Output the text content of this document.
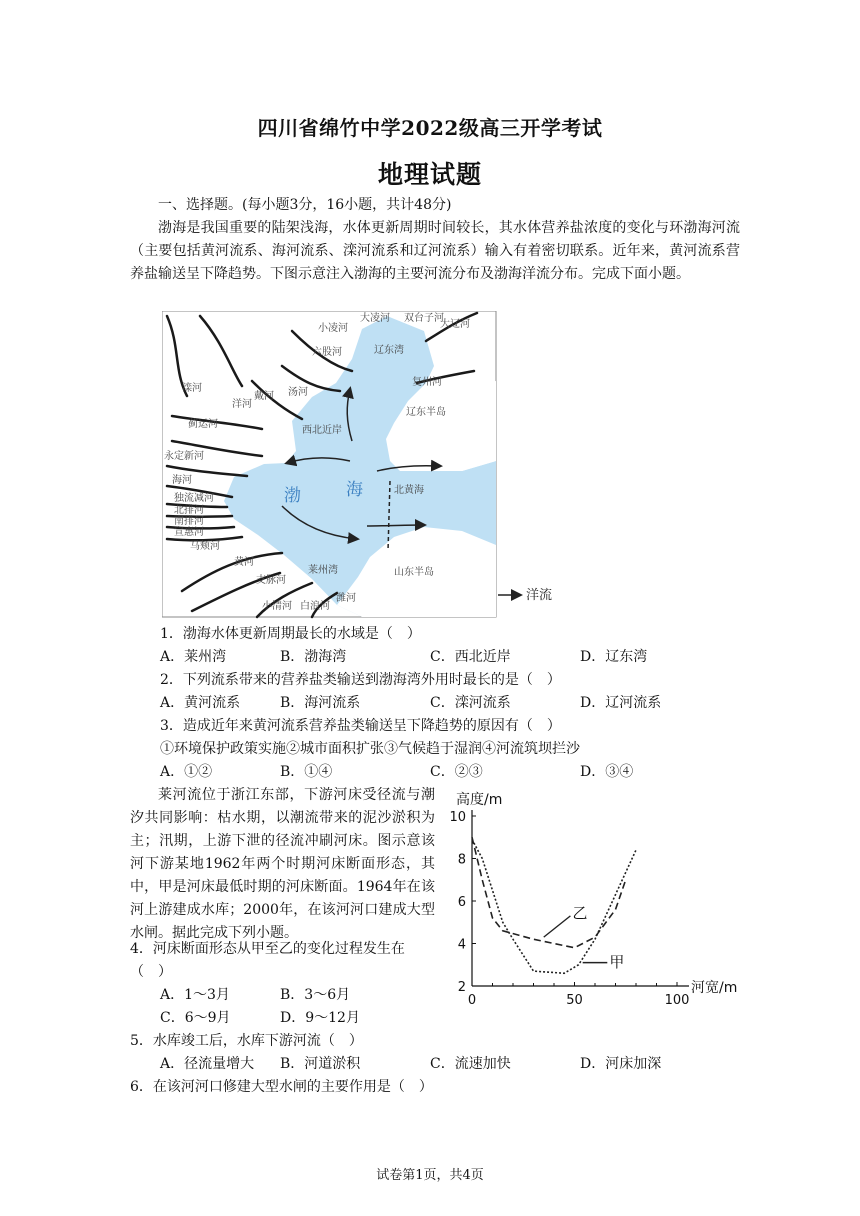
四川省绵竹中学2022级高三开学考试
地理试题
一、选择题。(每小题3分，16小题，共计48分)
渤海是我国重要的陆架浅海，水体更新周期时间较长，其水体营养盐浓度的变化与环渤海河流（主要包括黄河流系、海河流系、滦河流系和辽河流系）输入有着密切联系。近年来，黄河流系营养盐输送呈下降趋势。下图示意注入渤海的主要河流分布及渤海洋流分布。完成下面小题。
小凌河
大凌河 双台子河
大辽河
六股河
滦河
戴河 汤河
洋河
蓟运河
永定新河
海河
独流减河
北排河
南排河
宣惠河
马颊河
黄河
支脉河
小清河 白浪河
潍河
复州河
辽东湾
西北近岸
辽东半岛
渤	海	北黄海
莱州湾	山东半岛
洋流
1．渤海水体更新周期最长的水域是（　）
A．莱州湾	B．渤海湾	C．西北近岸	D．辽东湾
2．下列流系带来的营养盐类输送到渤海湾外用时最长的是（　）
A．黄河流系	B．海河流系	C．滦河流系	D．辽河流系
3．造成近年来黄河流系营养盐类输送呈下降趋势的原因有（　）
①环境保护政策实施②城市面积扩张③气候趋于湿润④河流筑坝拦沙
A．①②	B．①④	C．②③	D．③④
莱河流位于浙江东部，下游河床受径流与潮汐共同影响：枯水期，以潮流带来的泥沙淤积为主；汛期，上游下泄的径流冲刷河床。图示意该河下游某地1962年两个时期河床断面形态，其中，甲是河床最低时期的河床断面。1964年在该河上游建成水库；2000年，在该河河口建成大型水闸。据此完成下列小题。
4．河床断面形态从甲至乙的变化过程发生在（　）
A．1～3月	B．3～6月
C．6～9月	D．9～12月
5．水库竣工后，水库下游河流（　）
A．径流量增大 B．河道淤积	C．流速加快	D．河床加深
6．在该河河口修建大型水闸的主要作用是（　）
2
4
6
8
10
0	50	100
高度/m
河宽/m
乙
甲
试卷第1页，共4页
